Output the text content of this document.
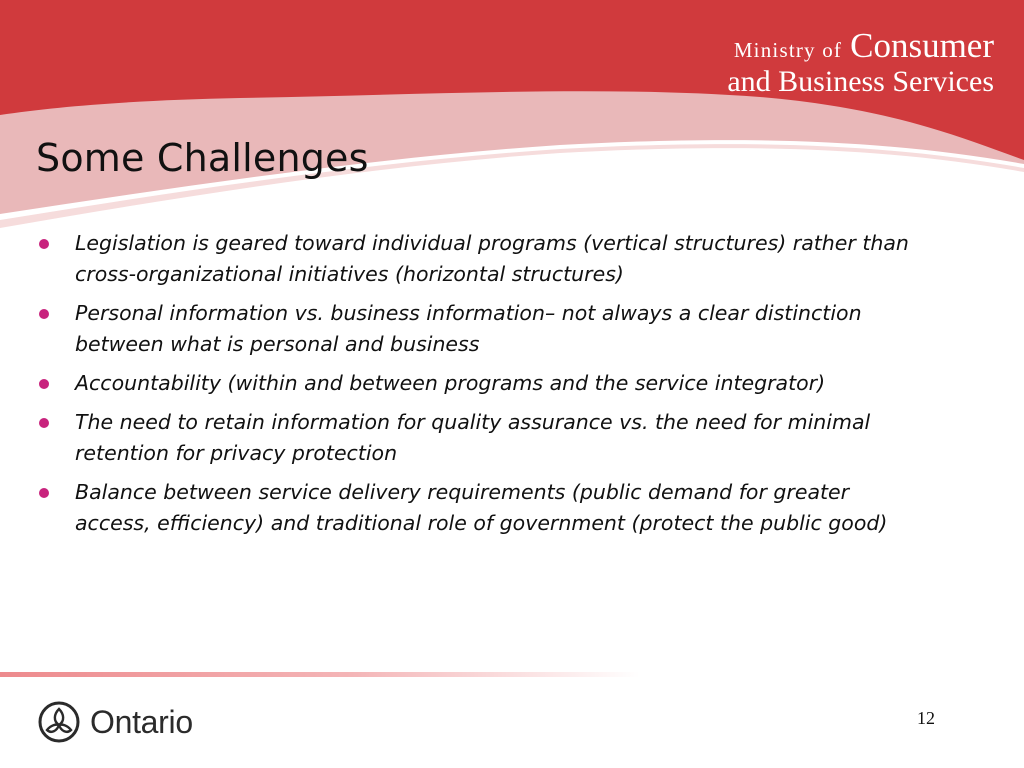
Ministry of Consumer
and Business Services
Some Challenges
Legislation is geared toward individual programs (vertical structures) rather than cross-organizational initiatives (horizontal structures)
Personal information vs. business information– not always a clear distinction between what is personal and business
Accountability (within and between programs and the service integrator)
The need to retain information for quality assurance vs. the need for minimal retention for privacy protection
Balance between service delivery requirements (public demand for greater access, efficiency) and traditional role of government (protect the public good)
Ontario	12
